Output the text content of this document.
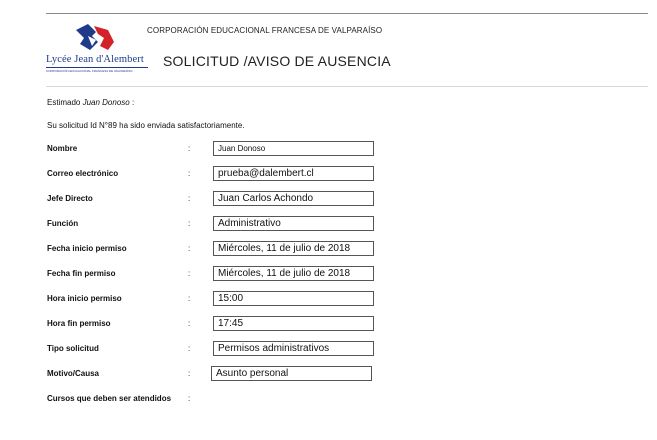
Lycée Jean d'Alembert
CORPORACIÓN EDUCACIONAL FRANCESA DE VALPARAÍSO
CORPORACIÓN EDUCACIONAL FRANCESA DE VALPARAÍSO
SOLICITUD /AVISO DE AUSENCIA
Estimado Juan Donoso :
Su solicitud Id N°89 ha sido enviada satisfactoriamente.
Nombre	:	Juan Donoso
Correo electrónico	:	prueba@dalembert.cl
Jefe Directo	:	Juan Carlos Achondo
Función	:	Administrativo
Fecha inicio permiso	:	Miércoles, 11 de julio de 2018
Fecha fin permiso	:	Miércoles, 11 de julio de 2018
Hora inicio permiso	:	15:00
Hora fin permiso	:	17:45
Tipo solicitud	:	Permisos administrativos
Motivo/Causa	:	Asunto personal
Cursos que deben ser atendidos :
